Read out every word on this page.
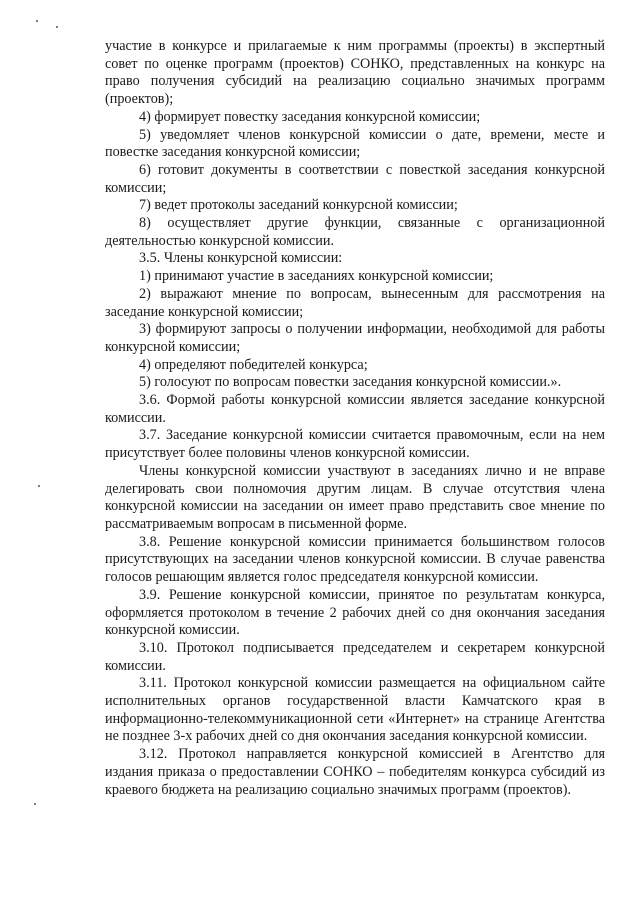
участие в конкурсе и прилагаемые к ним программы (проекты) в экспертный совет по оценке программ (проектов) СОНКО, представленных на конкурс на право получения субсидий на реализацию социально значимых программ (проектов);

4) формирует повестку заседания конкурсной комиссии;

5) уведомляет членов конкурсной комиссии о дате, времени, месте и повестке заседания конкурсной комиссии;

6) готовит документы в соответствии с повесткой заседания конкурсной комиссии;

7) ведет протоколы заседаний конкурсной комиссии;

8) осуществляет другие функции, связанные с организационной деятельностью конкурсной комиссии.

3.5. Члены конкурсной комиссии:

1) принимают участие в заседаниях конкурсной комиссии;

2) выражают мнение по вопросам, вынесенным для рассмотрения на заседание конкурсной комиссии;

3) формируют запросы о получении информации, необходимой для работы конкурсной комиссии;

4) определяют победителей конкурса;

5) голосуют по вопросам повестки заседания конкурсной комиссии.».

3.6. Формой работы конкурсной комиссии является заседание конкурсной комиссии.

3.7. Заседание конкурсной комиссии считается правомочным, если на нем присутствует более половины членов конкурсной комиссии.

Члены конкурсной комиссии участвуют в заседаниях лично и не вправе делегировать свои полномочия другим лицам. В случае отсутствия члена конкурсной комиссии на заседании он имеет право представить свое мнение по рассматриваемым вопросам в письменной форме.

3.8. Решение конкурсной комиссии принимается большинством голосов присутствующих на заседании членов конкурсной комиссии. В случае равенства голосов решающим является голос председателя конкурсной комиссии.

3.9. Решение конкурсной комиссии, принятое по результатам конкурса, оформляется протоколом в течение 2 рабочих дней со дня окончания заседания конкурсной комиссии.

3.10. Протокол подписывается председателем и секретарем конкурсной комиссии.

3.11. Протокол конкурсной комиссии размещается на официальном сайте исполнительных органов государственной власти Камчатского края в информационно-телекоммуникационной сети «Интернет» на странице Агентства не позднее 3-х рабочих дней со дня окончания заседания конкурсной комиссии.

3.12. Протокол направляется конкурсной комиссией в Агентство для издания приказа о предоставлении СОНКО – победителям конкурса субсидий из краевого бюджета на реализацию социально значимых программ (проектов).
